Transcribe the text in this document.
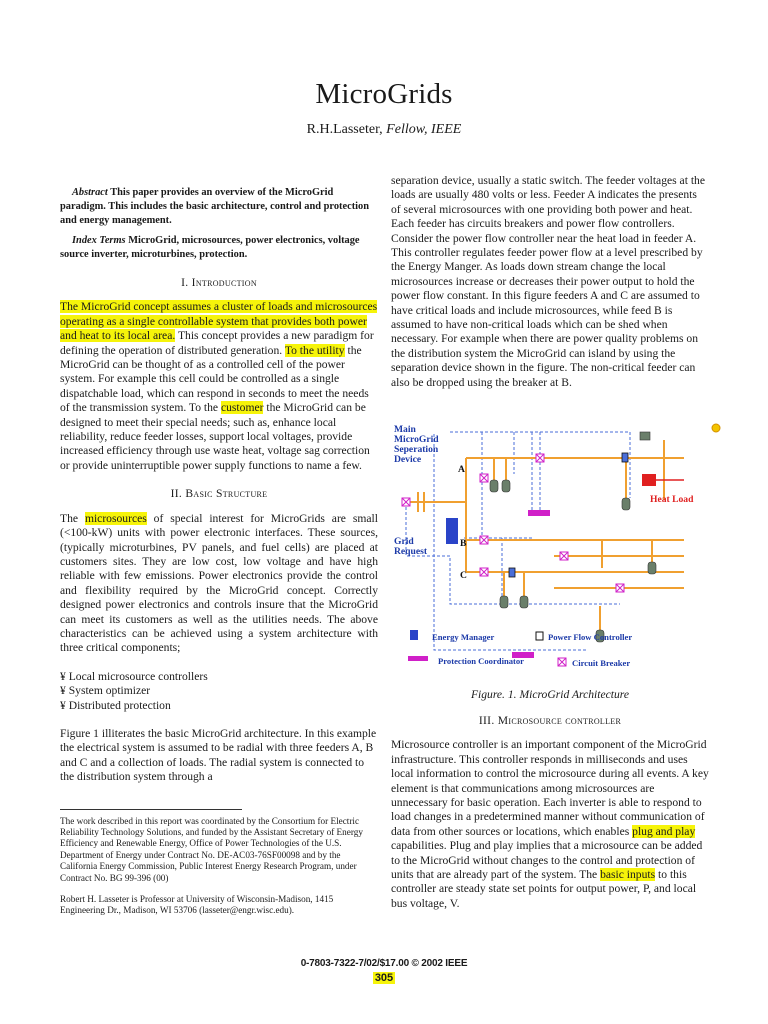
MicroGrids
R.H.Lasseter, Fellow, IEEE

Abstract This paper provides an overview of the MicroGrid paradigm. This includes the basic architecture, control and protection and energy management.

Index Terms MicroGrid, microsources, power electronics, voltage source inverter, microturbines, protection.

I. Introduction

The MicroGrid concept assumes a cluster of loads and microsources operating as a single controllable system that provides both power and heat to its local area. This concept provides a new paradigm for defining the operation of distributed generation. To the utility the MicroGrid can be thought of as a controlled cell of the power system. For example this cell could be controlled as a single dispatchable load, which can respond in seconds to meet the needs of the transmission system. To the customer the MicroGrid can be designed to meet their special needs; such as, enhance local reliability, reduce feeder losses, support local voltages, provide increased efficiency through use waste heat, voltage sag correction or provide uninterruptible power supply functions to name a few.

II. Basic Structure

The microsources of special interest for MicroGrids are small (<100-kW) units with power electronic interfaces. These sources, (typically microturbines, PV panels, and fuel cells) are placed at customers sites. They are low cost, low voltage and have high reliable with few emissions. Power electronics provide the control and flexibility required by the MicroGrid concept. Correctly designed power electronics and controls insure that the MicroGrid can meet its customers as well as the utilities needs. The above characteristics can be achieved using a system architecture with three critical components;

¥ Local microsource controllers
¥ System optimizer
¥ Distributed protection

Figure 1 illiterates the basic MicroGrid architecture. In this example the electrical system is assumed to be radial with three feeders A, B and C and a collection of loads. The radial system is connected to the distribution system through a

The work described in this report was coordinated by the Consortium for Electric Reliability Technology Solutions, and funded by the Assistant Secretary of Energy Efficiency and Renewable Energy, Office of Power Technologies of the U.S. Department of Energy under Contract No. DE-AC03-76SF00098 and by the California Energy Commission, Public Interest Energy Research Program, under Contract No. BG 99-396 (00)

Robert H. Lasseter is Professor at University of Wisconsin-Madison, 1415 Engineering Dr., Madison, WI 53706 (lasseter@engr.wisc.edu).

separation device, usually a static switch. The feeder voltages at the loads are usually 480 volts or less. Feeder A indicates the presents of several microsources with one providing both power and heat. Each feeder has circuits breakers and power flow controllers. Consider the power flow controller near the heat load in feeder A. This controller regulates feeder power flow at a level prescribed by the Energy Manger. As loads down stream change the local microsources increase or decreases their power output to hold the power flow constant. In this figure feeders A and C are assumed to have critical loads and include microsources, while feed B is assumed to have non-critical loads which can be shed when necessary. For example when there are power quality problems on the distribution system the MicroGrid can island by using the separation device shown in the figure. The non-critical feeder can also be dropped using the breaker at B.

Main
MicroGrid
Seperation
Device
Grid
Request
A
B
C
Heat Load
Energy Manager	Power Flow Controller
Protection Coordinator	Circuit Breaker
Figure. 1. MicroGrid Architecture
III. Microsource controller

Microsource controller is an important component of the MicroGrid infrastructure. This controller responds in milliseconds and uses local information to control the microsource during all events. A key element is that communications among microsources are unnecessary for basic operation. Each inverter is able to respond to load changes in a predetermined manner without communication of data from other sources or locations, which enables plug and play capabilities. Plug and play implies that a microsource can be added to the MicroGrid without changes to the control and protection of units that are already part of the system. The basic inputs to this controller are steady state set points for output power, P, and local bus voltage, V.

0-7803-7322-7/02/$17.00 © 2002 IEEE
305
